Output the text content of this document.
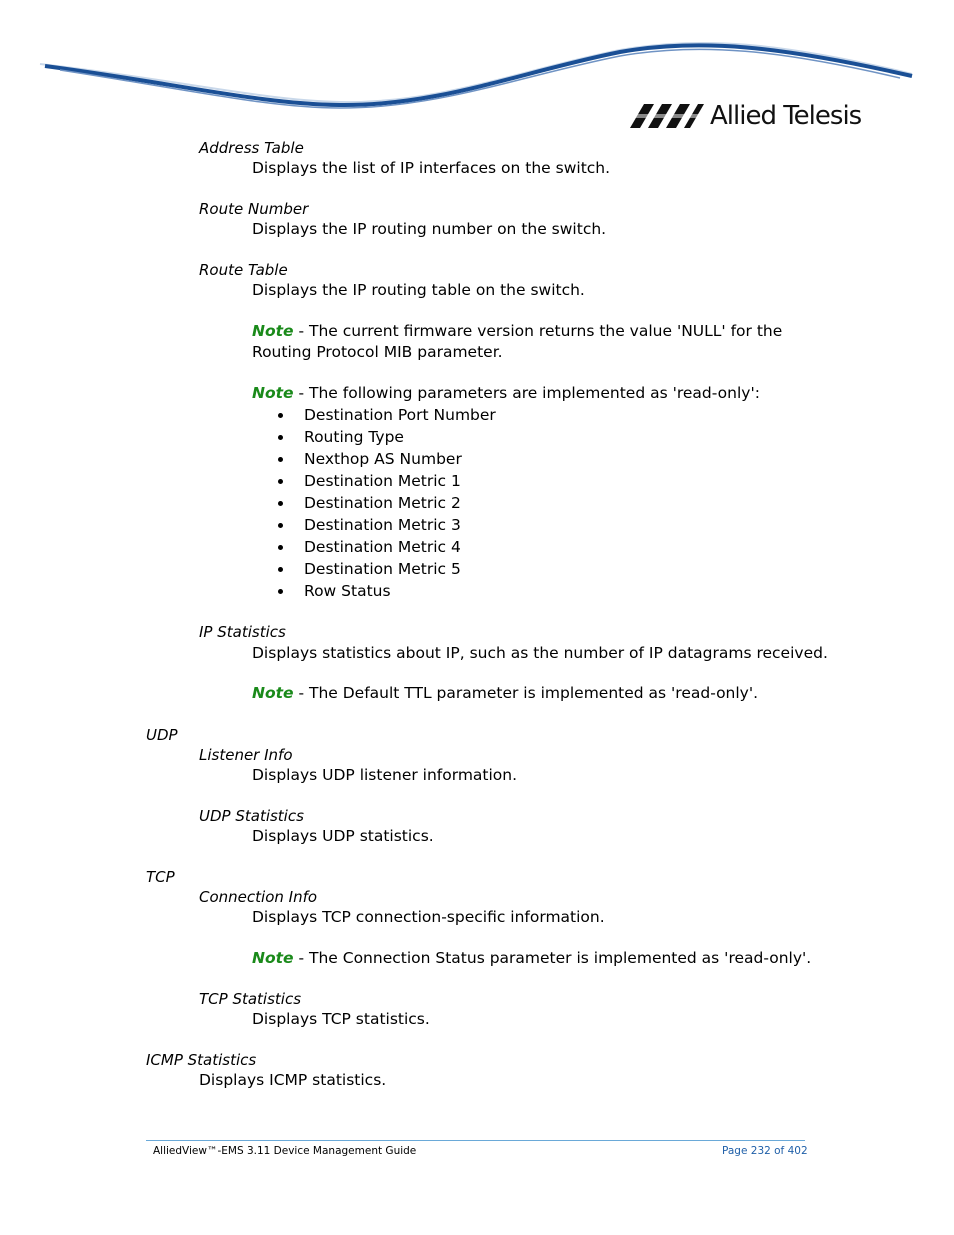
Allied Telesis
Address Table
Displays the list of IP interfaces on the switch.
Route Number
Displays the IP routing number on the switch.
Route Table
Displays the IP routing table on the switch.
Note - The current firmware version returns the value 'NULL' for the
Routing Protocol MIB parameter.
Note - The following parameters are implemented as 'read-only':
Destination Port Number
Routing Type
Nexthop AS Number
Destination Metric 1
Destination Metric 2
Destination Metric 3
Destination Metric 4
Destination Metric 5
Row Status
IP Statistics
Displays statistics about IP, such as the number of IP datagrams received.
Note - The Default TTL parameter is implemented as 'read-only'.
UDP
Listener Info
Displays UDP listener information.
UDP Statistics
Displays UDP statistics.
TCP
Connection Info
Displays TCP connection-specific information.
Note - The Connection Status parameter is implemented as 'read-only'.
TCP Statistics
Displays TCP statistics.
ICMP Statistics
Displays ICMP statistics.
AlliedView™-EMS 3.11 Device Management Guide	Page 232 of 402
